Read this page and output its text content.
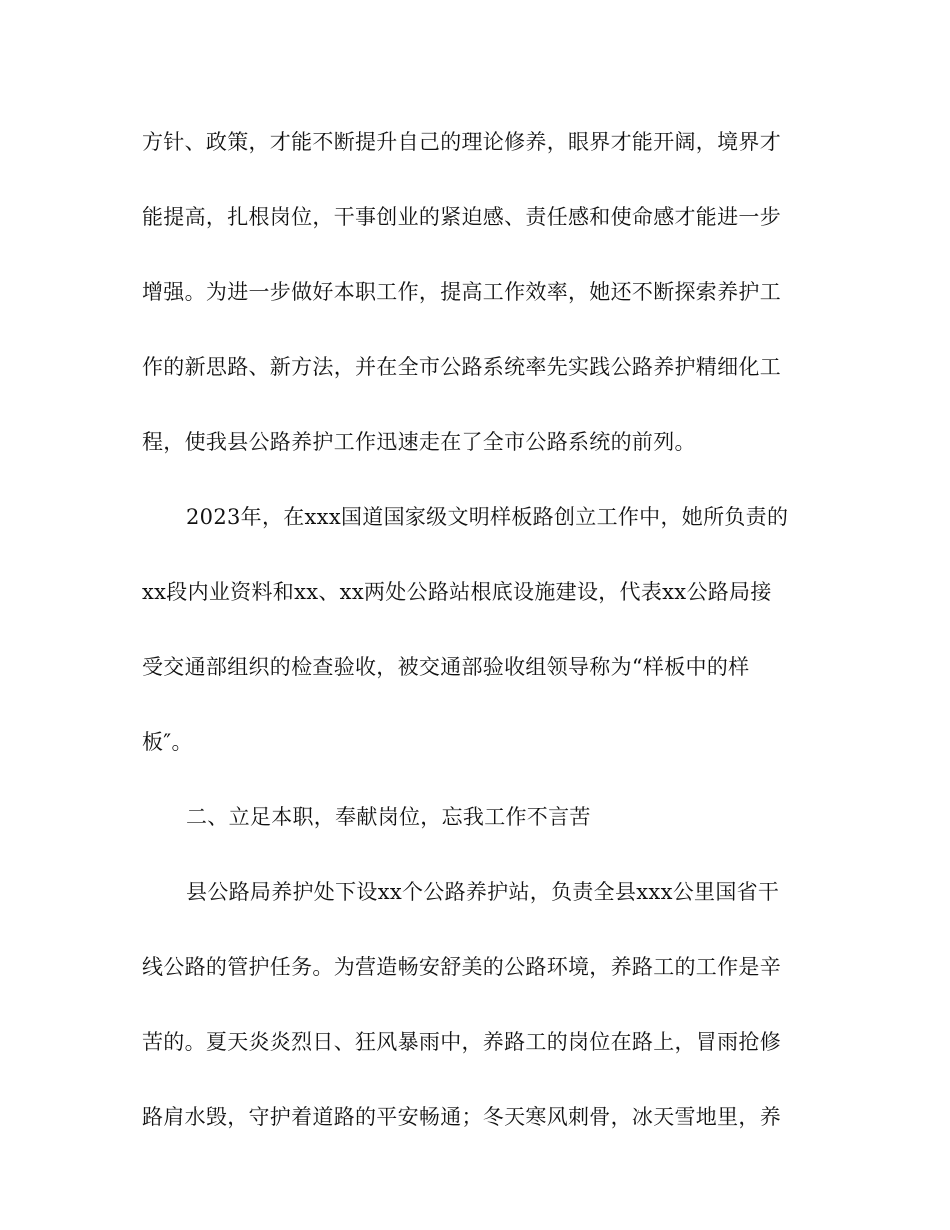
方针、政策，才能不断提升自己的理论修养，眼界才能开阔，境界才
能提高，扎根岗位，干事创业的紧迫感、责任感和使命感才能进一步
增强。为进一步做好本职工作，提高工作效率，她还不断探索养护工
作的新思路、新方法，并在全市公路系统率先实践公路养护精细化工
程，使我县公路养护工作迅速走在了全市公路系统的前列。
2023年，在xxx国道国家级文明样板路创立工作中，她所负责的
xx段内业资料和xx、xx两处公路站根底设施建设，代表xx公路局接
受交通部组织的检查验收，被交通部验收组领导称为“样板中的样
板″。
二、立足本职，奉献岗位，忘我工作不言苦
县公路局养护处下设xx个公路养护站，负责全县xxx公里国省干
线公路的管护任务。为营造畅安舒美的公路环境，养路工的工作是辛
苦的。夏天炎炎烈日、狂风暴雨中，养路工的岗位在路上，冒雨抢修
路肩水毁，守护着道路的平安畅通；冬天寒风刺骨，冰天雪地里，养
